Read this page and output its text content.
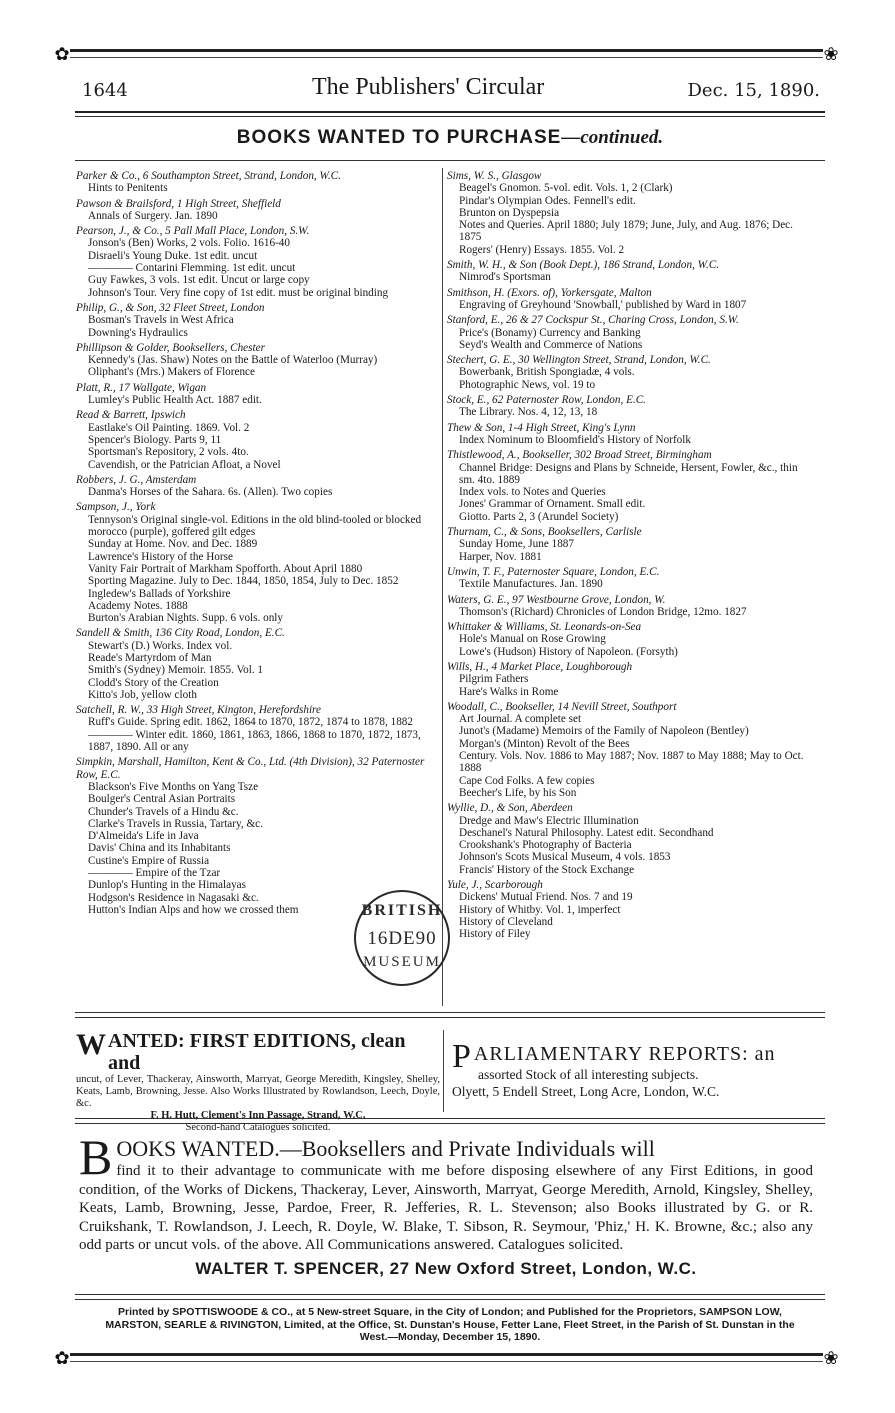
✿	❀
1644	The Publishers' Circular	Dec. 15, 1890.
BOOKS WANTED TO PURCHASE—continued.
Parker & Co., 6 Southampton Street, Strand, London, W.C.
Hints to Penitents
Pawson & Brailsford, 1 High Street, Sheffield
Annals of Surgery. Jan. 1890
Pearson, J., & Co., 5 Pall Mall Place, London, S.W.
Jonson's (Ben) Works, 2 vols. Folio. 1616-40
Disraeli's Young Duke. 1st edit. uncut
———— Contarini Flemming. 1st edit. uncut
Guy Fawkes, 3 vols. 1st edit. Uncut or large copy
Johnson's Tour. Very fine copy of 1st edit. must be original binding
Philip, G., & Son, 32 Fleet Street, London
Bosman's Travels in West Africa
Downing's Hydraulics
Phillipson & Golder, Booksellers, Chester
Kennedy's (Jas. Shaw) Notes on the Battle of Waterloo (Murray)
Oliphant's (Mrs.) Makers of Florence
Platt, R., 17 Wallgate, Wigan
Lumley's Public Health Act. 1887 edit.
Read & Barrett, Ipswich
Eastlake's Oil Painting. 1869. Vol. 2
Spencer's Biology. Parts 9, 11
Sportsman's Repository, 2 vols. 4to.
Cavendish, or the Patrician Afloat, a Novel
Robbers, J. G., Amsterdam
Danma's Horses of the Sahara. 6s. (Allen). Two copies
Sampson, J., York
Tennyson's Original single-vol. Editions in the old blind-tooled or blocked morocco (purple), goffered gilt edges
Sunday at Home. Nov. and Dec. 1889
Lawrence's History of the Horse
Vanity Fair Portrait of Markham Spofforth. About April 1880
Sporting Magazine. July to Dec. 1844, 1850, 1854, July to Dec. 1852
Ingledew's Ballads of Yorkshire
Academy Notes. 1888
Burton's Arabian Nights. Supp. 6 vols. only
Sandell & Smith, 136 City Road, London, E.C.
Stewart's (D.) Works. Index vol.
Reade's Martyrdom of Man
Smith's (Sydney) Memoir. 1855. Vol. 1
Clodd's Story of the Creation
Kitto's Job, yellow cloth
Satchell, R. W., 33 High Street, Kington, Herefordshire
Ruff's Guide. Spring edit. 1862, 1864 to 1870, 1872, 1874 to 1878, 1882
———— Winter edit. 1860, 1861, 1863, 1866, 1868 to 1870, 1872, 1873, 1887, 1890. All or any
Simpkin, Marshall, Hamilton, Kent & Co., Ltd. (4th Division), 32 Paternoster Row, E.C.
Blackson's Five Months on Yang Tsze
Boulger's Central Asian Portraits
Chunder's Travels of a Hindu &c.
Clarke's Travels in Russia, Tartary, &c.
D'Almeida's Life in Java
Davis' China and its Inhabitants
Custine's Empire of Russia
———— Empire of the Tzar
Dunlop's Hunting in the Himalayas
Hodgson's Residence in Nagasaki &c.
Hutton's Indian Alps and how we crossed them
Sims, W. S., Glasgow
Beagel's Gnomon. 5-vol. edit. Vols. 1, 2 (Clark)
Pindar's Olympian Odes. Fennell's edit.
Brunton on Dyspepsia
Notes and Queries. April 1880; July 1879; June, July, and Aug. 1876; Dec. 1875
Rogers' (Henry) Essays. 1855. Vol. 2
Smith, W. H., & Son (Book Dept.), 186 Strand, London, W.C.
Nimrod's Sportsman
Smithson, H. (Exors. of), Yorkersgate, Malton
Engraving of Greyhound 'Snowball,' published by Ward in 1807
Stanford, E., 26 & 27 Cockspur St., Charing Cross, London, S.W.
Price's (Bonamy) Currency and Banking
Seyd's Wealth and Commerce of Nations
Stechert, G. E., 30 Wellington Street, Strand, London, W.C.
Bowerbank, British Spongiadæ, 4 vols.
Photographic News, vol. 19 to
Stock, E., 62 Paternoster Row, London, E.C.
The Library. Nos. 4, 12, 13, 18
Thew & Son, 1-4 High Street, King's Lynn
Index Nominum to Bloomfield's History of Norfolk
Thistlewood, A., Bookseller, 302 Broad Street, Birmingham
Channel Bridge: Designs and Plans by Schneide, Hersent, Fowler, &c., thin sm. 4to. 1889
Index vols. to Notes and Queries
Jones' Grammar of Ornament. Small edit.
Giotto. Parts 2, 3 (Arundel Society)
Thurnam, C., & Sons, Booksellers, Carlisle
Sunday Home, June 1887
Harper, Nov. 1881
Unwin, T. F., Paternoster Square, London, E.C.
Textile Manufactures. Jan. 1890
Waters, G. E., 97 Westbourne Grove, London, W.
Thomson's (Richard) Chronicles of London Bridge, 12mo. 1827
Whittaker & Williams, St. Leonards-on-Sea
Hole's Manual on Rose Growing
Lowe's (Hudson) History of Napoleon. (Forsyth)
Wills, H., 4 Market Place, Loughborough
Pilgrim Fathers
Hare's Walks in Rome
Woodall, C., Bookseller, 14 Nevill Street, Southport
Art Journal. A complete set
Junot's (Madame) Memoirs of the Family of Napoleon (Bentley)
Morgan's (Minton) Revolt of the Bees
Century. Vols. Nov. 1886 to May 1887; Nov. 1887 to May 1888; May to Oct. 1888
Cape Cod Folks. A few copies
Beecher's Life, by his Son
Wyllie, D., & Son, Aberdeen
Dredge and Maw's Electric Illumination
Deschanel's Natural Philosophy. Latest edit. Secondhand
Crookshank's Photography of Bacteria
Johnson's Scots Musical Museum, 4 vols. 1853
Francis' History of the Stock Exchange
Yule, J., Scarborough
Dickens' Mutual Friend. Nos. 7 and 19
History of Whitby. Vol. 1, imperfect
History of Cleveland
History of Filey
BRITISH
16DE90
MUSEUM
WANTED: FIRST EDITIONS, clean and
uncut, of Lever, Thackeray, Ainsworth, Marryat, George Meredith, Kingsley, Shelley, Keats, Lamb, Browning, Jesse. Also Works Illustrated by Rowlandson, Leech, Doyle, &c.
F. H. Hutt, Clement's Inn Passage, Strand, W.C.
Second-hand Catalogues solicited.
PARLIAMENTARY REPORTS: an
assorted Stock of all interesting subjects.
Olyett, 5 Endell Street, Long Acre, London, W.C.
BOOKS WANTED.—Booksellers and Private Individuals will
find it to their advantage to communicate with me before disposing elsewhere of any First Editions, in good condition, of the Works of Dickens, Thackeray, Lever, Ainsworth, Marryat, George Meredith, Arnold, Kingsley, Shelley, Keats, Lamb, Browning, Jesse, Pardoe, Freer, R. Jefferies, R. L. Stevenson; also Books illustrated by G. or R. Cruikshank, T. Rowlandson, J. Leech, R. Doyle, W. Blake, T. Sibson, R. Seymour, 'Phiz,' H. K. Browne, &c.; also any odd parts or uncut vols. of the above. All Communications answered. Catalogues solicited.
WALTER T. SPENCER, 27 New Oxford Street, London, W.C.
Printed by SPOTTISWOODE & CO., at 5 New-street Square, in the City of London; and Published for the Proprietors, SAMPSON LOW, MARSTON, SEARLE & RIVINGTON, Limited, at the Office, St. Dunstan's House, Fetter Lane, Fleet Street, in the Parish of St. Dunstan in the West.—Monday, December 15, 1890.
✿	❀
